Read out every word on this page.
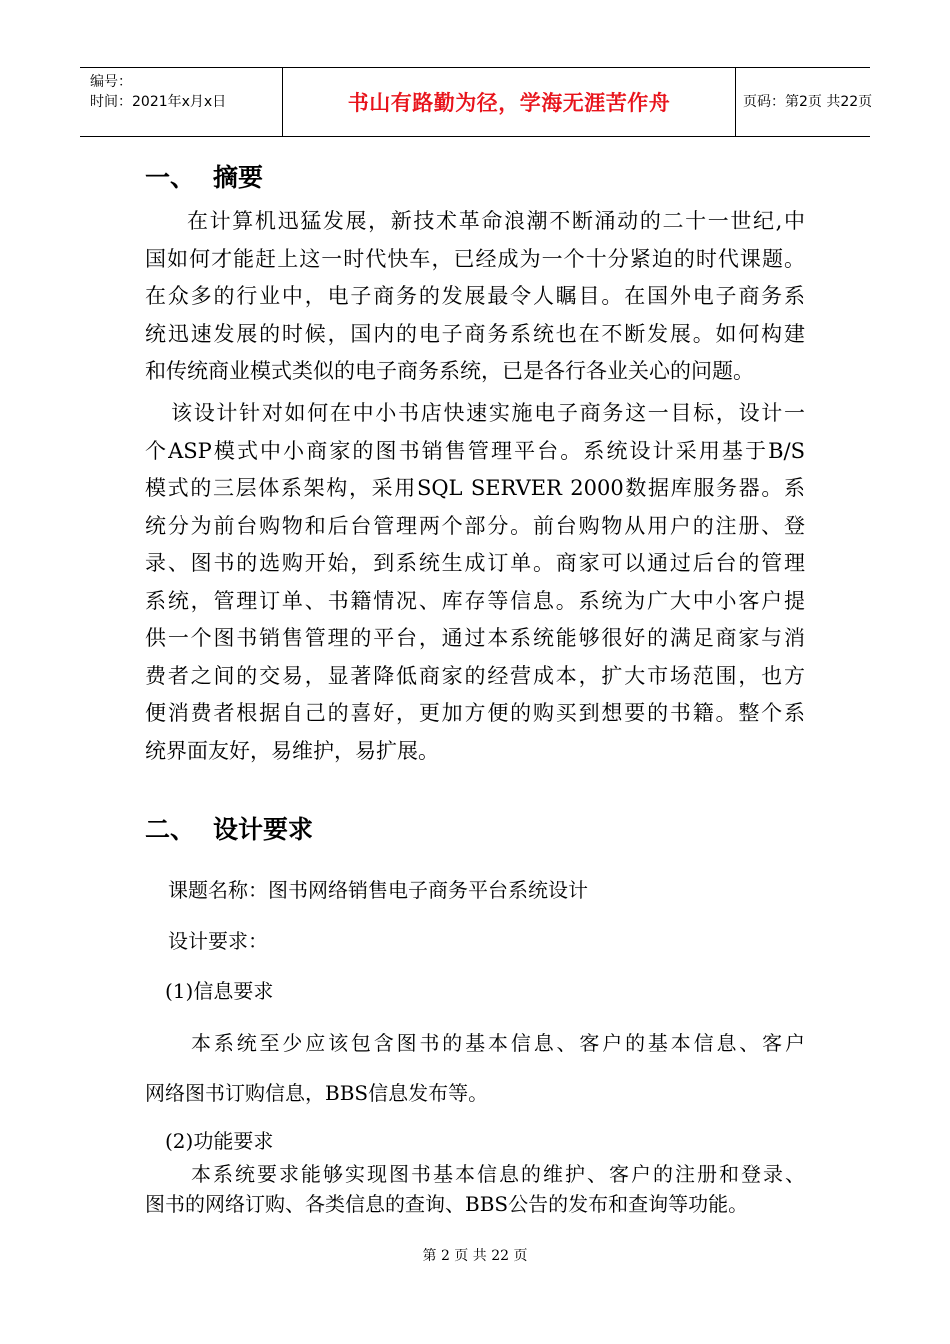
编号：
时间：2021年x月x日	书山有路勤为径，学海无涯苦作舟	页码：第2页 共22页
一、 摘要
在计算机迅猛发展，新技术革命浪潮不断涌动的二十一世纪,中
国如何才能赶上这一时代快车，已经成为一个十分紧迫的时代课题。
在众多的行业中，电子商务的发展最令人瞩目。在国外电子商务系
统迅速发展的时候，国内的电子商务系统也在不断发展。如何构建
和传统商业模式类似的电子商务系统，已是各行各业关心的问题。
该设计针对如何在中小书店快速实施电子商务这一目标，设计一
个ASP模式中小商家的图书销售管理平台。系统设计采用基于B/S
模式的三层体系架构，采用SQL SERVER 2000数据库服务器。系
统分为前台购物和后台管理两个部分。前台购物从用户的注册、登
录、图书的选购开始，到系统生成订单。商家可以通过后台的管理
系统，管理订单、书籍情况、库存等信息。系统为广大中小客户提
供一个图书销售管理的平台，通过本系统能够很好的满足商家与消
费者之间的交易，显著降低商家的经营成本，扩大市场范围，也方
便消费者根据自己的喜好，更加方便的购买到想要的书籍。整个系
统界面友好，易维护，易扩展。
二、 设计要求
课题名称：图书网络销售电子商务平台系统设计
设计要求：
(1)信息要求
本系统至少应该包含图书的基本信息、客户的基本信息、客户
网络图书订购信息，BBS信息发布等。
(2)功能要求
本系统要求能够实现图书基本信息的维护、客户的注册和登录、
图书的网络订购、各类信息的查询、BBS公告的发布和查询等功能。
第 2 页 共 22 页
